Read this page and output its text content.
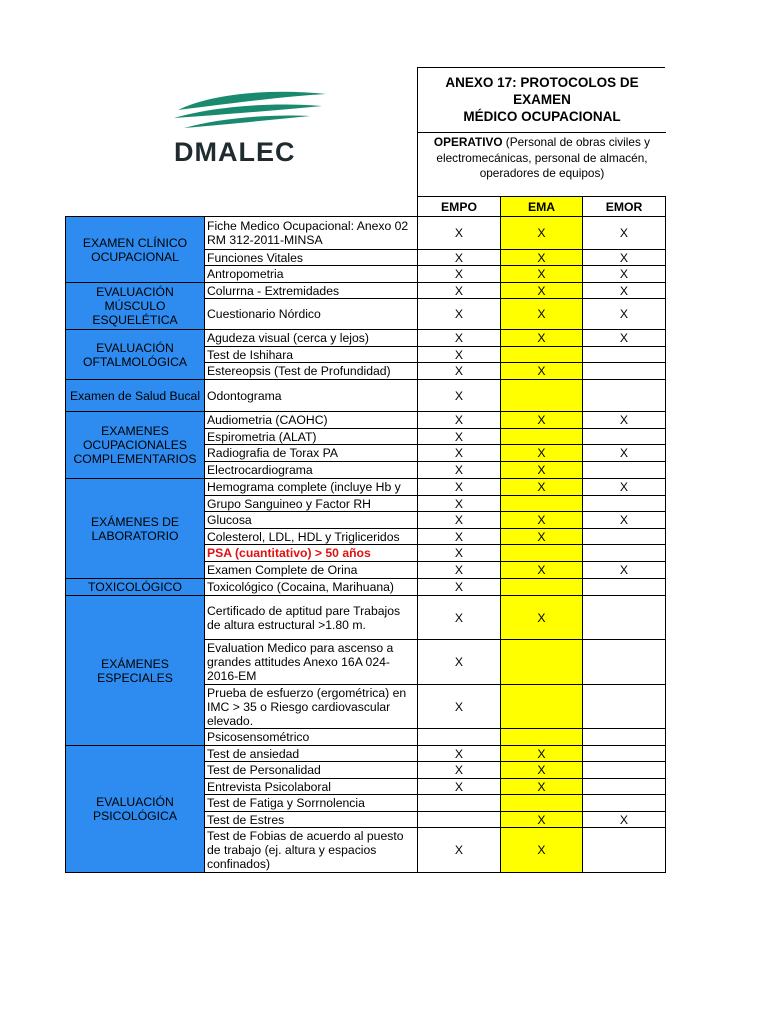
DMALEC
ANEXO 17: PROTOCOLOS DE
EXAMEN
MÉDICO OCUPACIONAL
OPERATIVO (Personal de obras civiles y electromecánicas, personal de almacén, operadores de equipos)
		EMPO	EMA	EMOR
EXAMEN CLÍNICO OCUPACIONAL	Fiche Medico Ocupacional: Anexo 02 RM 312-2011-MINSA	X	X	X
	Funciones Vitales	X	X	X
	Antropometria	X	X	X
EVALUACIÓN MÚSCULO ESQUELÉTICA	Colurrna - Extremidades	X	X	X
	Cuestionario Nórdico	X	X	X
EVALUACIÓN OFTALMOLÓGICA	Agudeza visual (cerca y lejos)	X	X	X
	Test de Ishihara	X		
	Estereopsis (Test de Profundidad)	X	X	
Examen de Salud Bucal	Odontograma	X		
EXAMENES OCUPACIONALES COMPLEMENTARIOS	Audiometria (CAOHC)	X	X	X
	Espirometria (ALAT)	X		
	Radiografia de Torax PA	X	X	X
	Electrocardiograma	X	X	
EXÁMENES DE LABORATORIO	Hemograma complete (incluye Hb y	X	X	X
	Grupo Sanguineo y Factor RH	X		
	Glucosa	X	X	X
	Colesterol, LDL, HDL y Trigliceridos	X	X	
	PSA (cuantitativo) > 50 años	X		
	Examen Complete de Orina	X	X	X
TOXICOLÓGICO	Toxicológico (Cocaina, Marihuana)	X		
EXÁMENES ESPECIALES	Certificado de aptitud pare Trabajos de altura estructural >1.80 m.	X	X	
	Evaluation Medico para ascenso a grandes attitudes Anexo 16A 024-2016-EM	X		
	Prueba de esfuerzo (ergométrica) en IMC > 35 o Riesgo cardiovascular elevado.	X		
	Psicosensométrico			
EVALUACIÓN PSICOLÓGICA	Test de ansiedad	X	X	
	Test de Personalidad	X	X	
	Entrevista Psicolaboral	X	X	
	Test de Fatiga y Sorrnolencia			
	Test de Estres		X	X
	Test de Fobias de acuerdo al puesto de trabajo (ej. altura y espacios confinados)	X	X	
